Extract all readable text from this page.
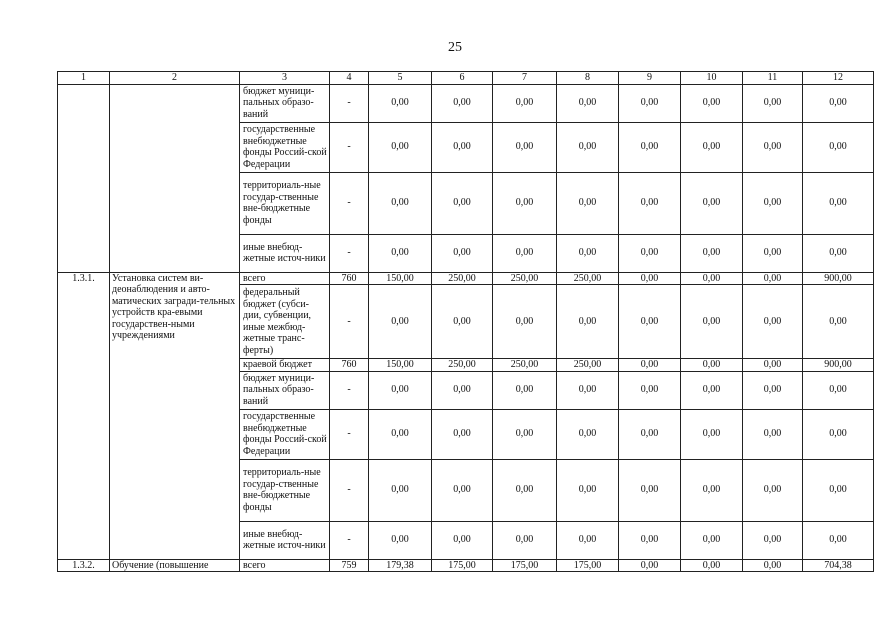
25
1	2	3	4	5	6	7	8	9	10	11	12
		бюджет муници-пальных образо-ваний	-	0,00	0,00	0,00	0,00	0,00	0,00	0,00	0,00
		государственные внебюджетные фонды Россий-ской Федерации	-	0,00	0,00	0,00	0,00	0,00	0,00	0,00	0,00
		территориаль-ные государ-ственные вне-бюджетные фонды	-	0,00	0,00	0,00	0,00	0,00	0,00	0,00	0,00
		иные внебюд-жетные источ-ники	-	0,00	0,00	0,00	0,00	0,00	0,00	0,00	0,00
1.3.1.	Установка систем ви-деонаблюдения и авто-матических загради-тельных устройств кра-евыми государствен-ными учреждениями	всего	760	150,00	250,00	250,00	250,00	0,00	0,00	0,00	900,00
		федеральный бюджет (субси-дии, субвенции, иные межбюд-жетные транс-ферты)	-	0,00	0,00	0,00	0,00	0,00	0,00	0,00	0,00
		краевой бюджет	760	150,00	250,00	250,00	250,00	0,00	0,00	0,00	900,00
		бюджет муници-пальных образо-ваний	-	0,00	0,00	0,00	0,00	0,00	0,00	0,00	0,00
		государственные внебюджетные фонды Россий-ской Федерации	-	0,00	0,00	0,00	0,00	0,00	0,00	0,00	0,00
		территориаль-ные государ-ственные вне-бюджетные фонды	-	0,00	0,00	0,00	0,00	0,00	0,00	0,00	0,00
		иные внебюд-жетные источ-ники	-	0,00	0,00	0,00	0,00	0,00	0,00	0,00	0,00
1.3.2.	Обучение (повышение	всего	759	179,38	175,00	175,00	175,00	0,00	0,00	0,00	704,38
